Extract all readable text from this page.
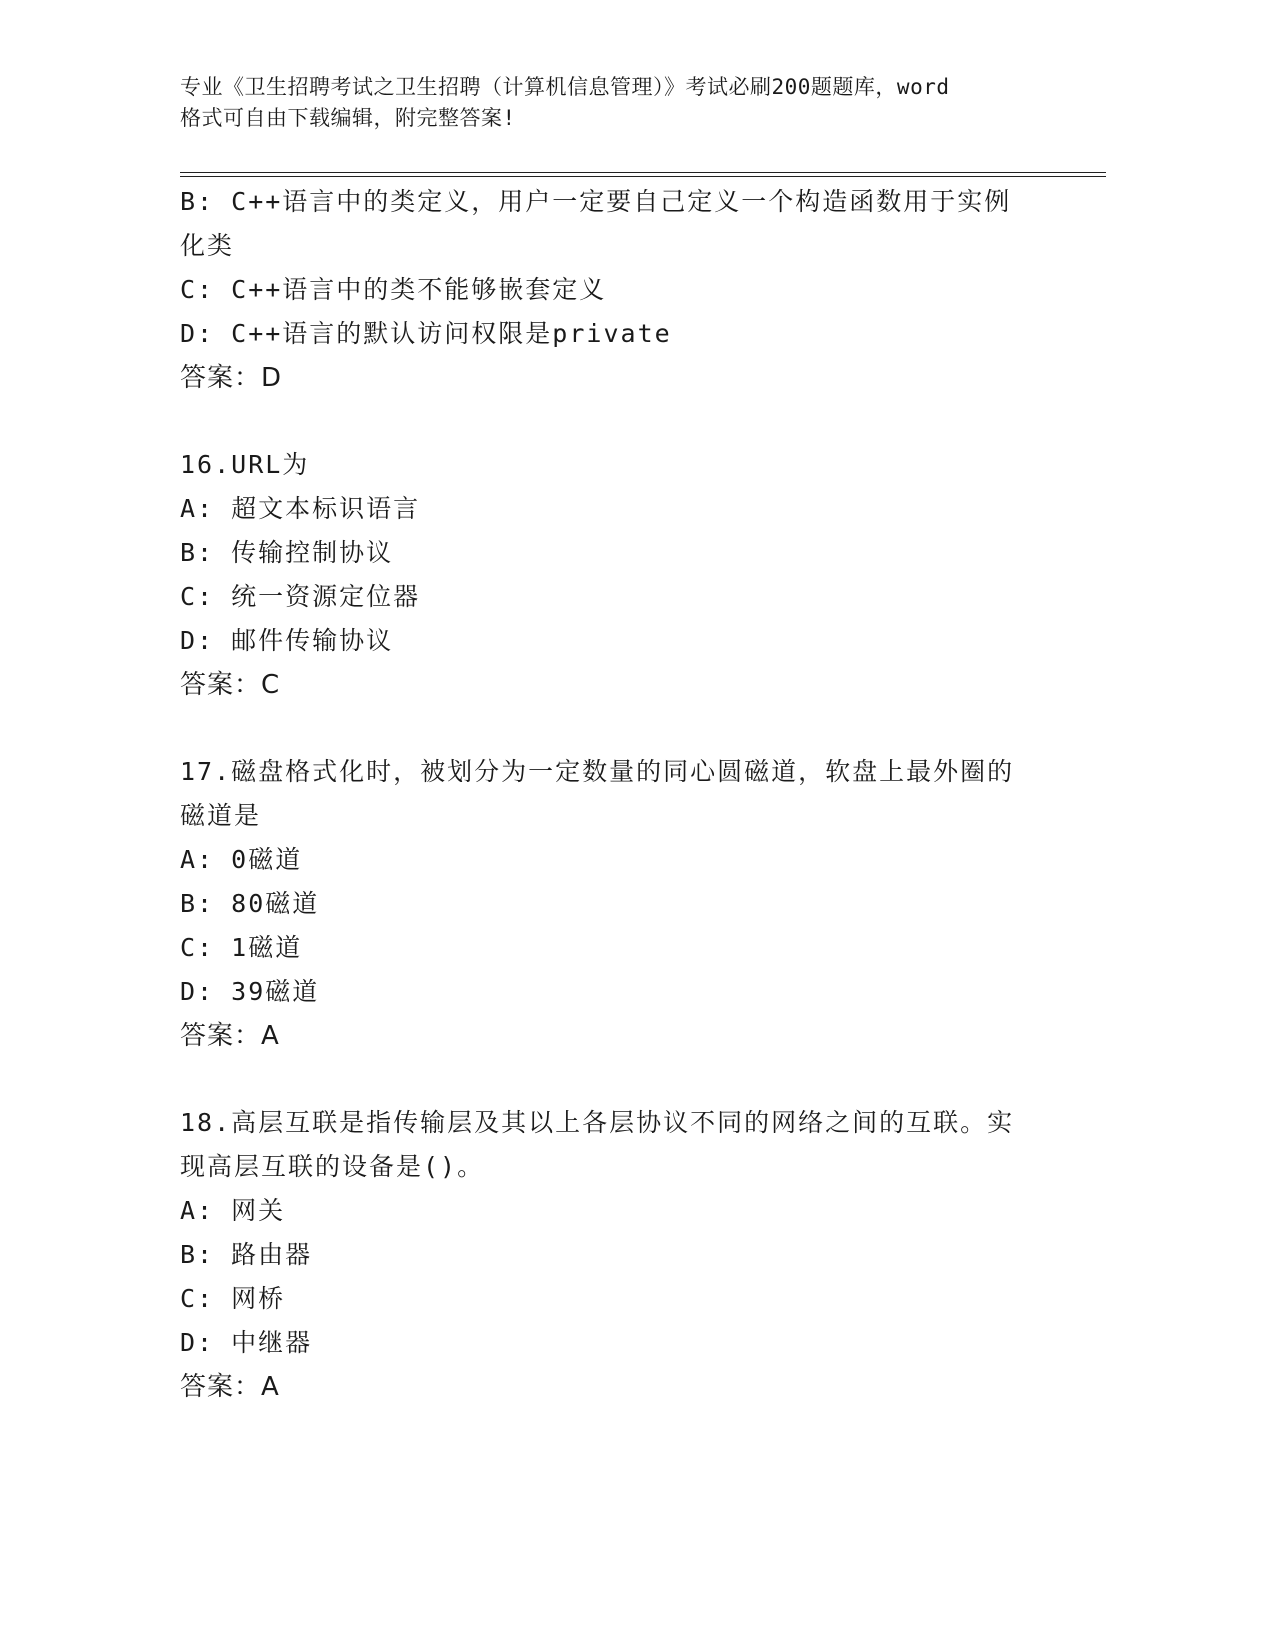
专业《卫生招聘考试之卫生招聘（计算机信息管理）》考试必刷200题题库，word
格式可自由下载编辑，附完整答案!
B: C++语言中的类定义，用户一定要自己定义一个构造函数用于实例
化类
C: C++语言中的类不能够嵌套定义
D: C++语言的默认访问权限是private
答案：D
16.URL为
A: 超文本标识语言
B: 传输控制协议
C: 统一资源定位器
D: 邮件传输协议
答案：C
17.磁盘格式化时，被划分为一定数量的同心圆磁道，软盘上最外圈的
磁道是
A: 0磁道
B: 80磁道
C: 1磁道
D: 39磁道
答案：A
18.高层互联是指传输层及其以上各层协议不同的网络之间的互联。实
现高层互联的设备是()。
A: 网关
B: 路由器
C: 网桥
D: 中继器
答案：A
